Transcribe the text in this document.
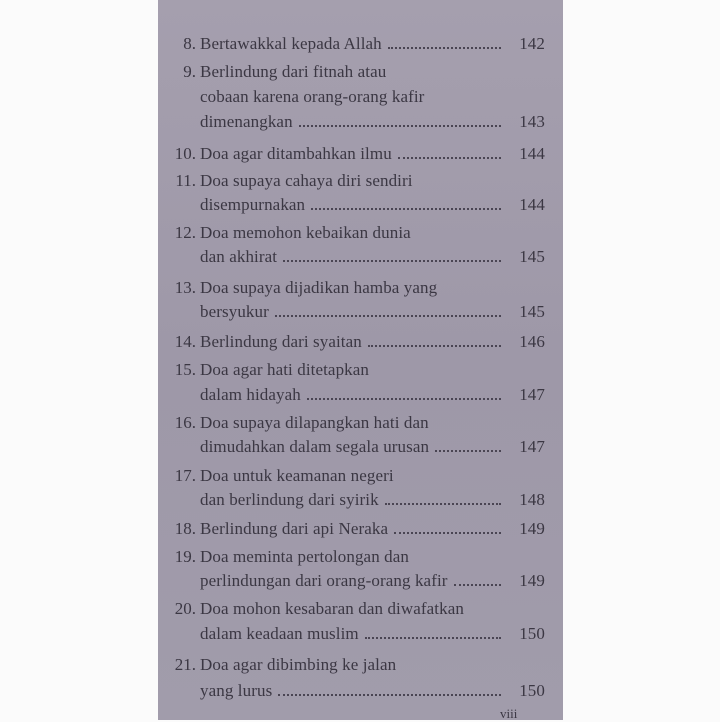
8. Bertawakkal kepada Allah	142
9. Berlindung dari fitnah atau
cobaan karena orang-orang kafir
dimenangkan	143
10. Doa agar ditambahkan ilmu	144
11. Doa supaya cahaya diri sendiri
disempurnakan	144
12. Doa memohon kebaikan dunia
dan akhirat	145
13. Doa supaya dijadikan hamba yang
bersyukur	145
14. Berlindung dari syaitan	146
15. Doa agar hati ditetapkan
dalam hidayah	147
16. Doa supaya dilapangkan hati dan
dimudahkan dalam segala urusan	147
17. Doa untuk keamanan negeri
dan berlindung dari syirik	148
18. Berlindung dari api Neraka	149
19. Doa meminta pertolongan dan
perlindungan dari orang-orang kafir	149
20. Doa mohon kesabaran dan diwafatkan
dalam keadaan muslim	150
21. Doa agar dibimbing ke jalan
yang lurus	150
viii
